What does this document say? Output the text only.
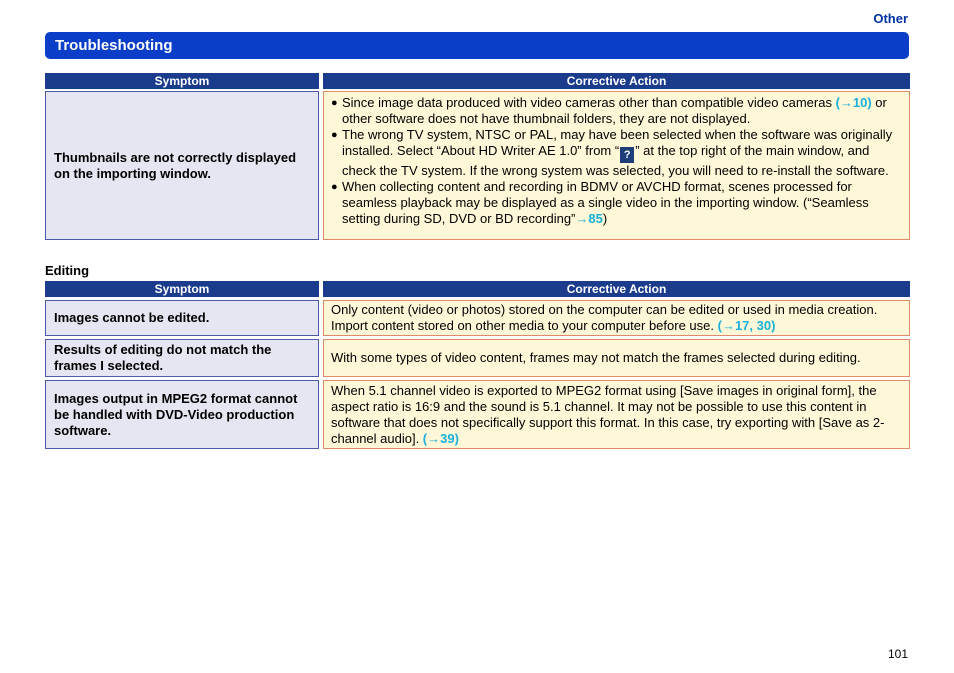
Other
Troubleshooting
Symptom	Corrective Action
Thumbnails are not correctly displayed on the importing window.
● Since image data produced with video cameras other than compatible video cameras (→10) or other software does not have thumbnail folders, they are not displayed.
● The wrong TV system, NTSC or PAL, may have been selected when the software was originally installed. Select “About HD Writer AE 1.0” from “ ? ” at the top right of the main window, and check the TV system. If the wrong system was selected, you will need to re-install the software.
● When collecting content and recording in BDMV or AVCHD format, scenes processed for seamless playback may be displayed as a single video in the importing window. (“Seamless setting during SD, DVD or BD recording”→85)
Editing
Symptom	Corrective Action
Images cannot be edited.
Only content (video or photos) stored on the computer can be edited or used in media creation. Import content stored on other media to your computer before use. (→17, 30)
Results of editing do not match the frames I selected.
With some types of video content, frames may not match the frames selected during editing.
Images output in MPEG2 format cannot be handled with DVD-Video production software.
When 5.1 channel video is exported to MPEG2 format using [Save images in original form], the aspect ratio is 16:9 and the sound is 5.1 channel. It may not be possible to use this content in software that does not specifically support this format. In this case, try exporting with [Save as 2-channel audio]. (→39)
101
